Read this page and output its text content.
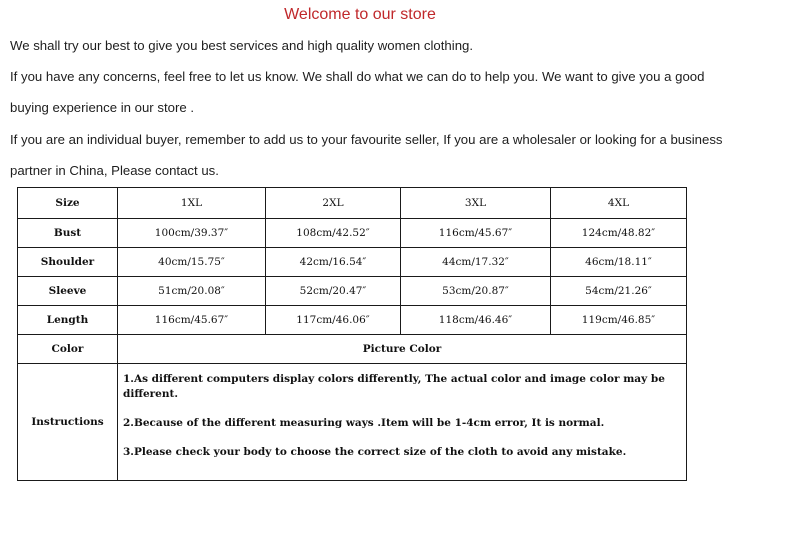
Welcome to our store
We shall try our best to give you best services and high quality women clothing.
If you have any concerns, feel free to let us know. We shall do what we can do to help you. We want to give you a good
buying experience in our store .
If you are an individual buyer, remember to add us to your favourite seller, If you are a wholesaler or looking for a business
partner in China, Please contact us.
Size	1XL	2XL	3XL	4XL
Bust	100cm/39.37″	108cm/42.52″	116cm/45.67″	124cm/48.82″
Shoulder	40cm/15.75″	42cm/16.54″	44cm/17.32″	46cm/18.11″
Sleeve	51cm/20.08″	52cm/20.47″	53cm/20.87″	54cm/21.26″
Length	116cm/45.67″	117cm/46.06″	118cm/46.46″	119cm/46.85″
Color	Picture Color			
Instructions	1.As different computers display colors differently, The actual color and image color may be different.

2.Because of the different measuring ways .Item will be 1-4cm error, It is normal.

3.Please check your body to choose the correct size of the cloth to avoid any mistake.			
